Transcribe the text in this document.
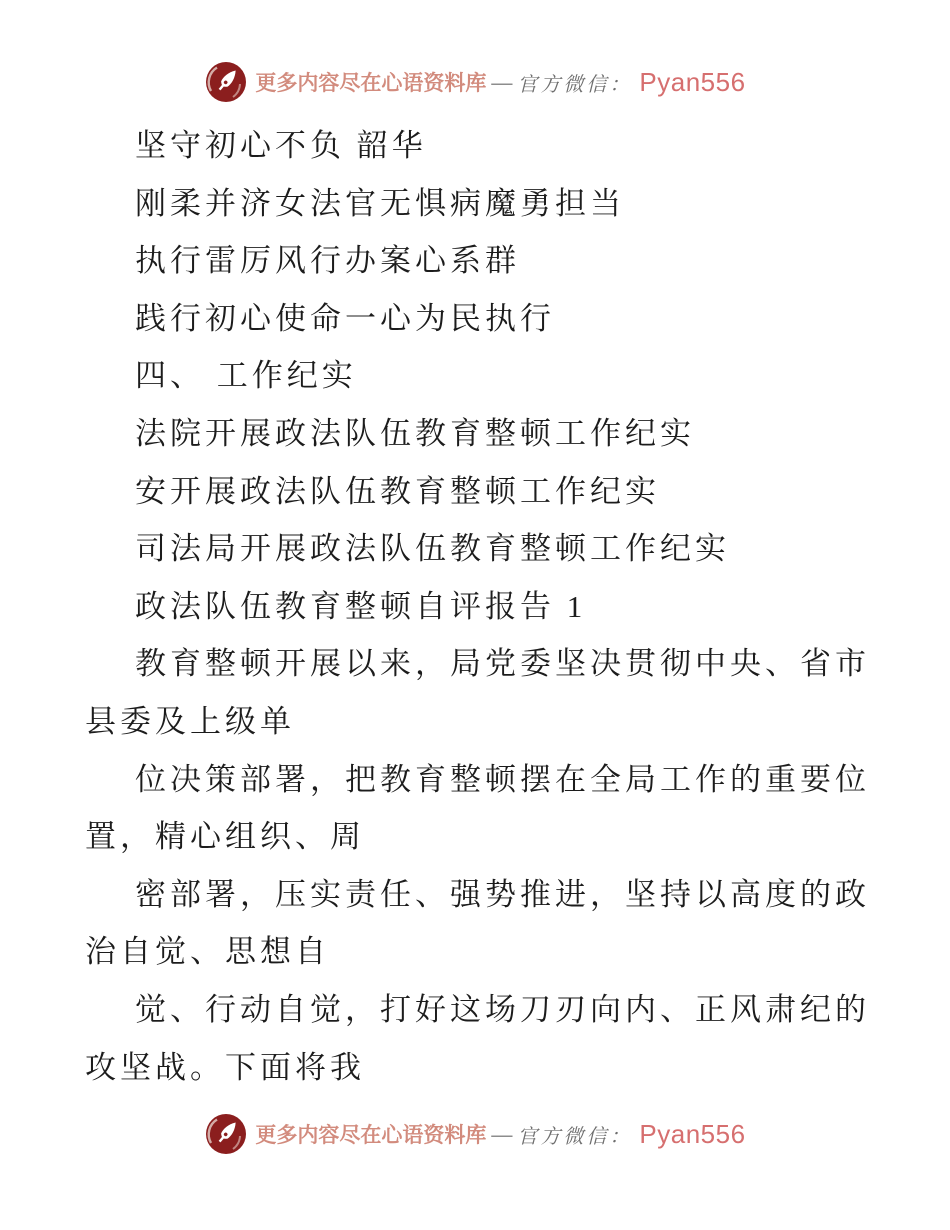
更多内容尽在心语资料库 — 官方微信： Pyan556
坚守初心不负 韶华
刚柔并济女法官无惧病魔勇担当
执行雷厉风行办案心系群
践行初心使命一心为民执行
四、 工作纪实
法院开展政法队伍教育整顿工作纪实
安开展政法队伍教育整顿工作纪实
司法局开展政法队伍教育整顿工作纪实
政法队伍教育整顿自评报告 1
教育整顿开展以来，局党委坚决贯彻中央、省市
县委及上级单
位决策部署，把教育整顿摆在全局工作的重要位
置，精心组织、周
密部署，压实责任、强势推进，坚持以高度的政
治自觉、思想自
觉、行动自觉，打好这场刀刃向内、正风肃纪的
攻坚战。下面将我
更多内容尽在心语资料库 — 官方微信： Pyan556
